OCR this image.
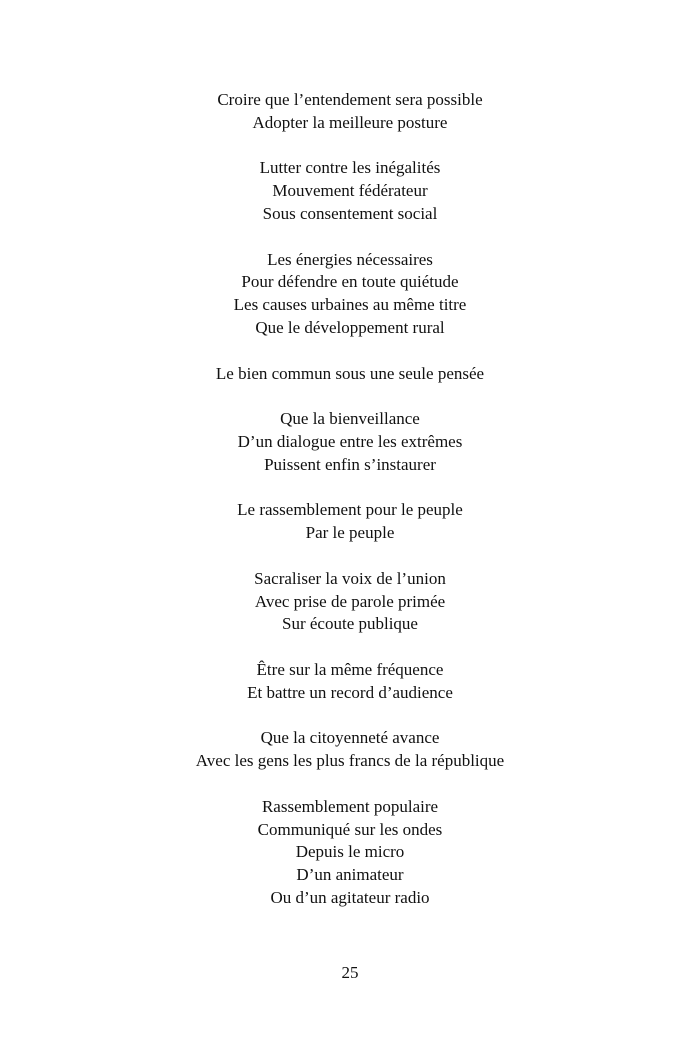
Croire que l’entendement sera possible
Adopter la meilleure posture
Lutter contre les inégalités
Mouvement fédérateur
Sous consentement social
Les énergies nécessaires
Pour défendre en toute quiétude
Les causes urbaines au même titre
Que le développement rural
Le bien commun sous une seule pensée
Que la bienveillance
D’un dialogue entre les extrêmes
Puissent enfin s’instaurer
Le rassemblement pour le peuple
Par le peuple
Sacraliser la voix de l’union
Avec prise de parole primée
Sur écoute publique
Être sur la même fréquence
Et battre un record d’audience
Que la citoyenneté avance
Avec les gens les plus francs de la république
Rassemblement populaire
Communiqué sur les ondes
Depuis le micro
D’un animateur
Ou d’un agitateur radio
25
